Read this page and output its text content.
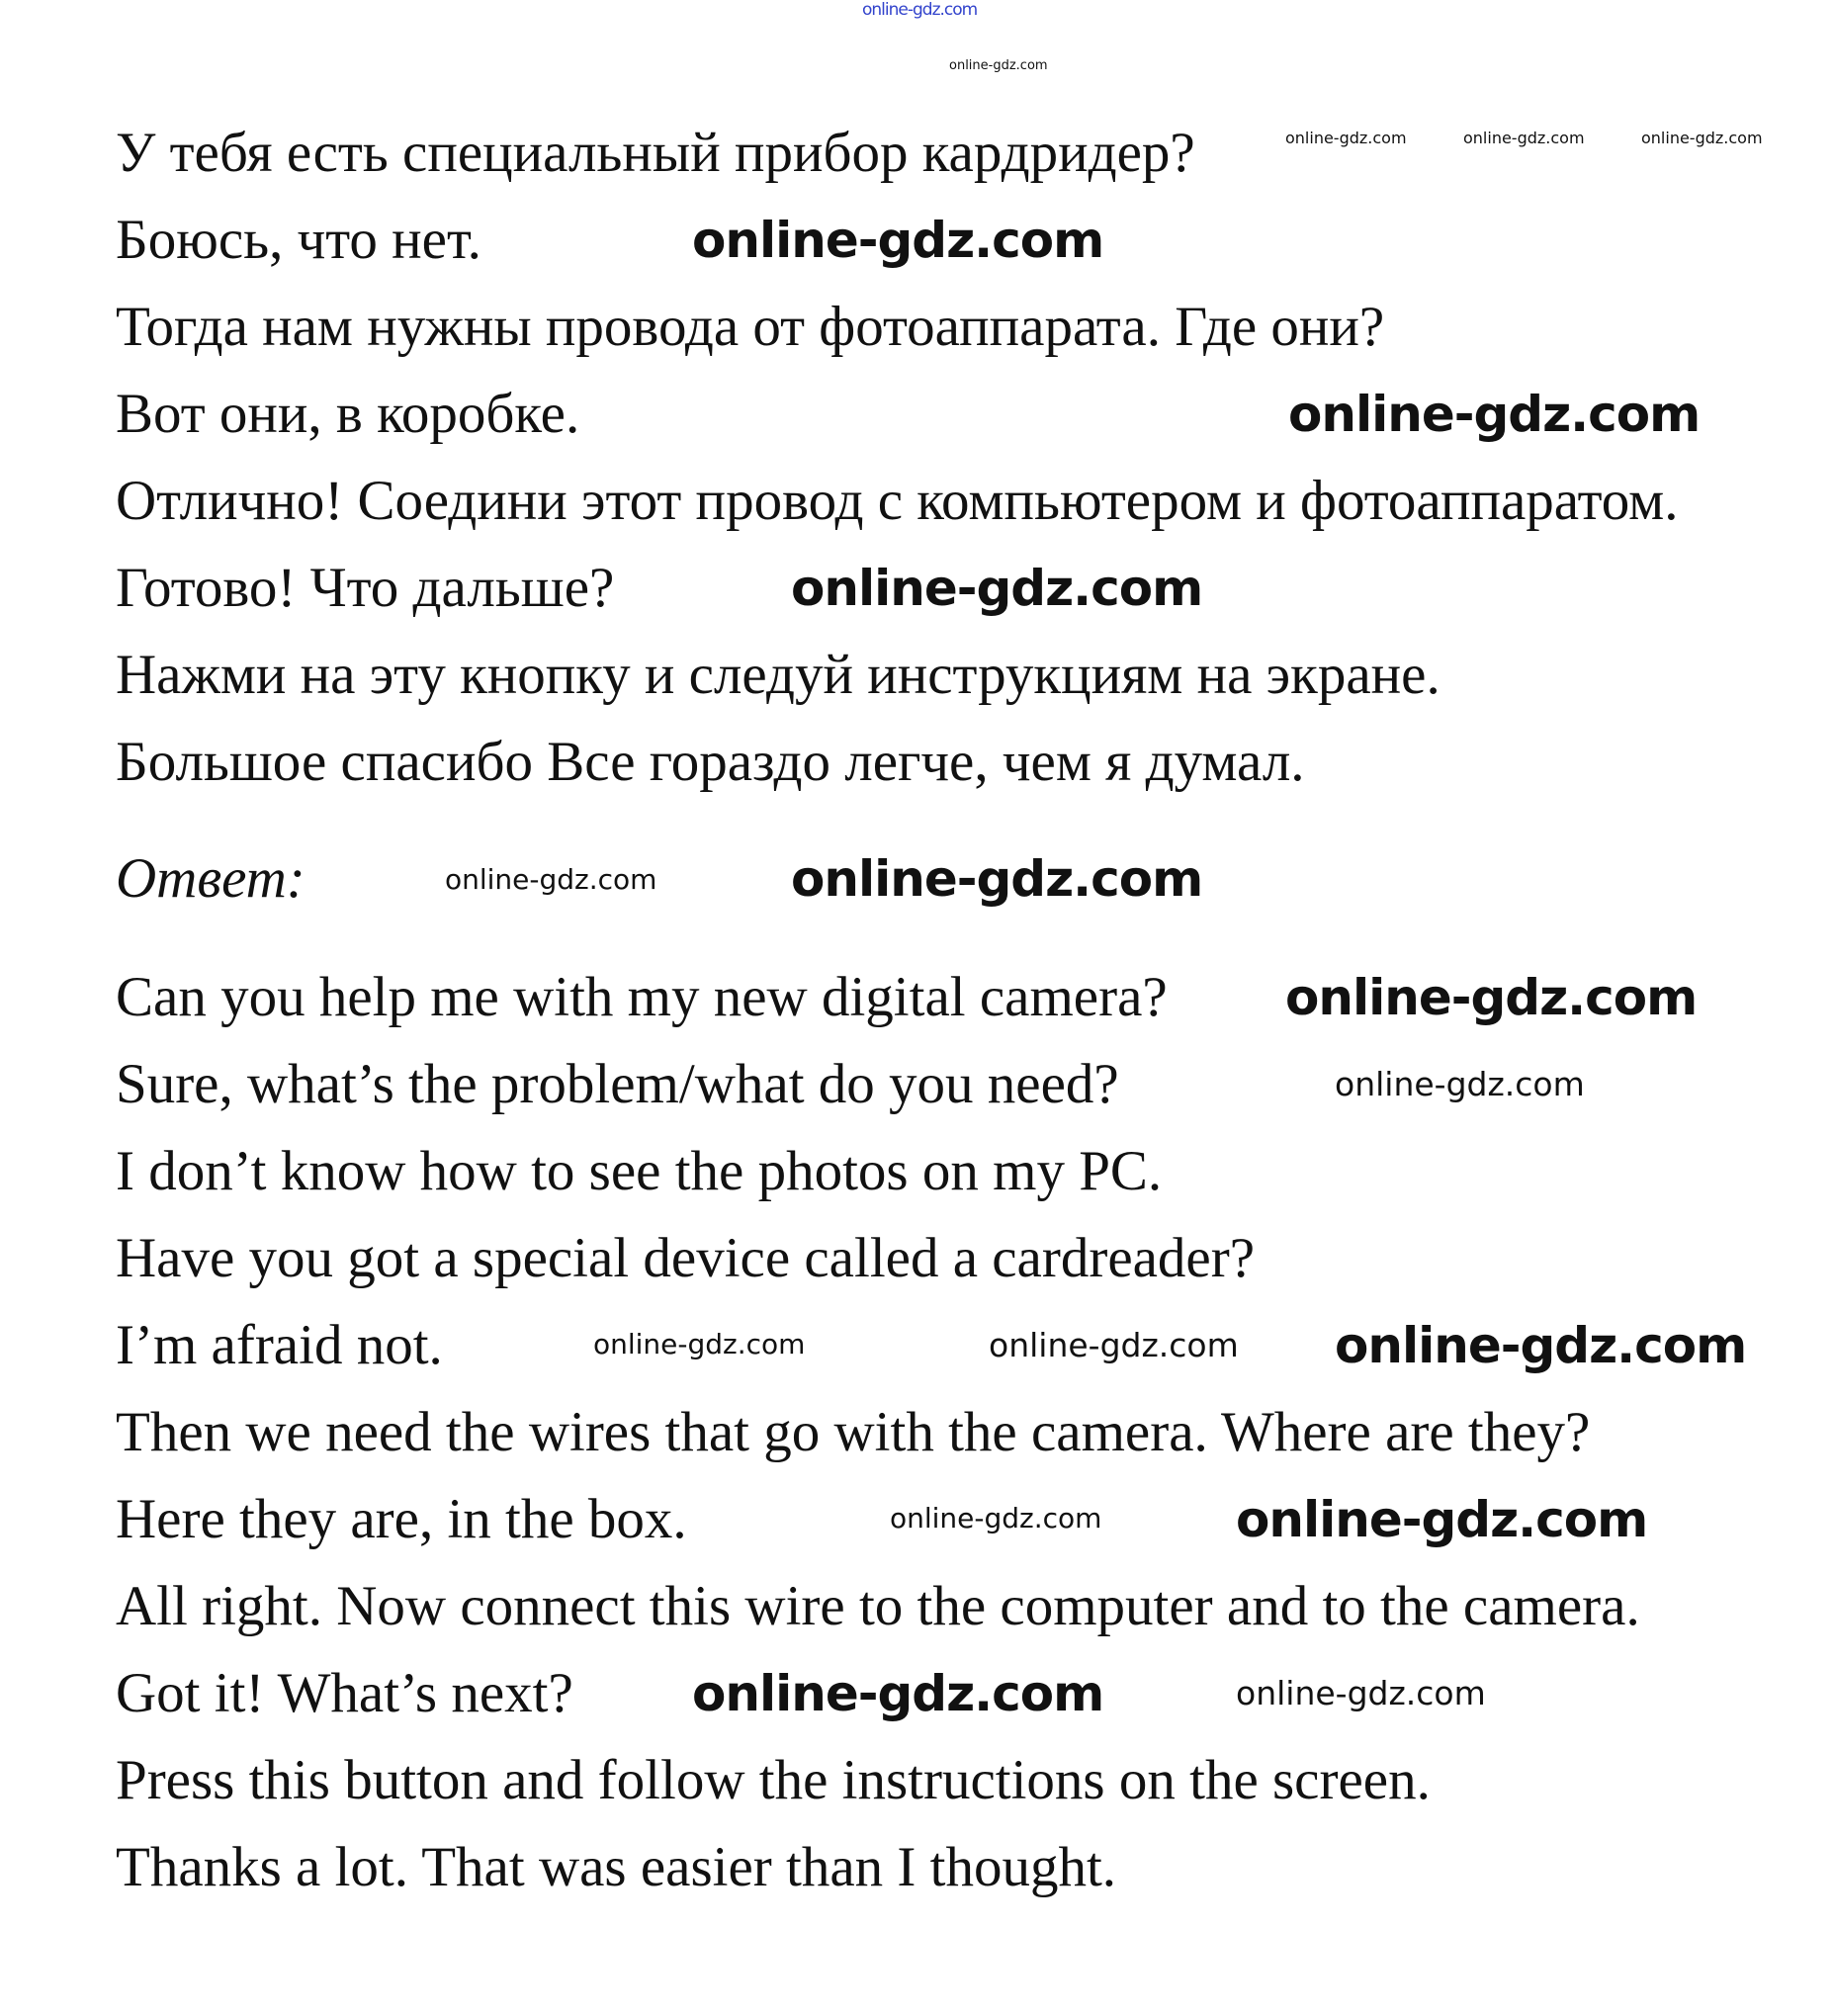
У тебя есть специальный прибор кардридер?
Боюсь, что нет.
Тогда нам нужны провода от фотоаппарата. Где они?
Вот они, в коробке.
Отлично! Соедини этот провод с компьютером и фотоаппаратом.
Готово! Что дальше?
Нажми на эту кнопку и следуй инструкциям на экране.
Большое спасибо Все гораздо легче, чем я думал.
Ответ:
Can you help me with my new digital camera?
Sure, what’s the problem/what do you need?
I don’t know how to see the photos on my PC.
Have you got a special device called a cardreader?
I’m afraid not.
Then we need the wires that go with the camera. Where are they?
Here they are, in the box.
All right. Now connect this wire to the computer and to the camera.
Got it! What’s next?
Press this button and follow the instructions on the screen.
Thanks a lot. That was easier than I thought.
online-gdz.com
online-gdz.com
online-gdz.com	online-gdz.com	online-gdz.com
online-gdz.com
online-gdz.com
online-gdz.com
online-gdz.com
online-gdz.com
online-gdz.com
online-gdz.com
online-gdz.com	online-gdz.com online-gdz.com
online-gdz.com	online-gdz.com
online-gdz.com	online-gdz.com
